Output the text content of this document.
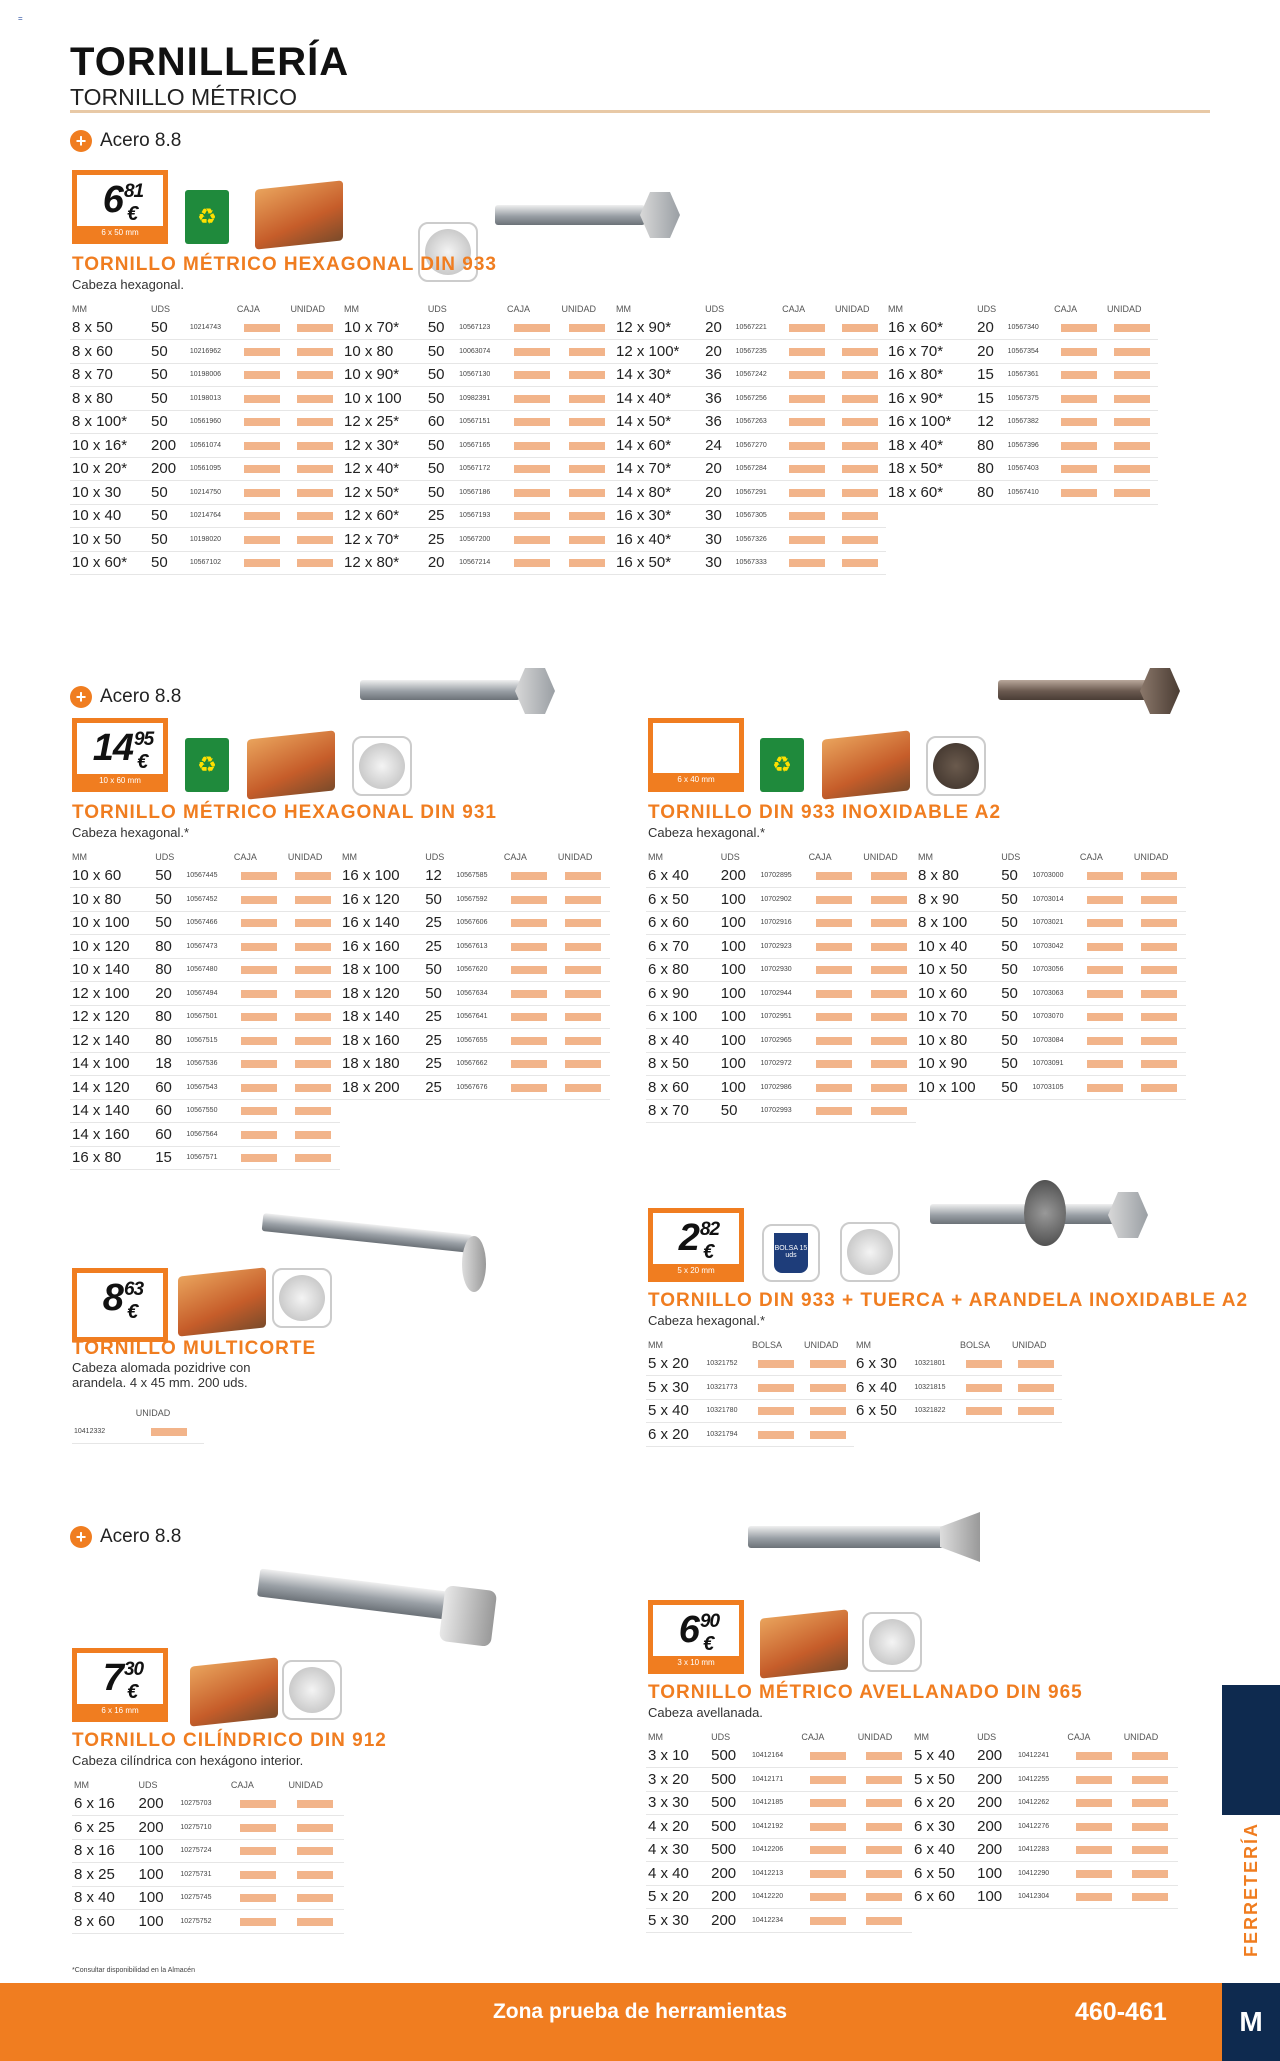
=
TORNILLERÍA
TORNILLO MÉTRICO
+ Acero 8.8
$6^{81}$
€
6 x 50 mm
♻
TORNILLO MÉTRICO HEXAGONAL DIN 933
Cabeza hexagonal.
MM	UDS		CAJA	UNIDAD
8 x 50	50	10214743		
8 x 60	50	10216962		
8 x 70	50	10198006		
8 x 80	50	10198013		
8 x 100*	50	10561960		
10 x 16*	200	10561074		
10 x 20*	200	10561095		
10 x 30	50	10214750		
10 x 40	50	10214764		
10 x 50	50	10198020		
10 x 60*	50	10567102		
MM	UDS		CAJA	UNIDAD
10 x 70*	50	10567123		
10 x 80	50	10063074		
10 x 90*	50	10567130		
10 x 100	50	10982391		
12 x 25*	60	10567151		
12 x 30*	50	10567165		
12 x 40*	50	10567172		
12 x 50*	50	10567186		
12 x 60*	25	10567193		
12 x 70*	25	10567200		
12 x 80*	20	10567214		
MM	UDS		CAJA	UNIDAD
12 x 90*	20	10567221		
12 x 100*	20	10567235		
14 x 30*	36	10567242		
14 x 40*	36	10567256		
14 x 50*	36	10567263		
14 x 60*	24	10567270		
14 x 70*	20	10567284		
14 x 80*	20	10567291		
16 x 30*	30	10567305		
16 x 40*	30	10567326		
16 x 50*	30	10567333		
MM	UDS		CAJA	UNIDAD
16 x 60*	20	10567340		
16 x 70*	20	10567354		
16 x 80*	15	10567361		
16 x 90*	15	10567375		
16 x 100*	12	10567382		
18 x 40*	80	10567396		
18 x 50*	80	10567403		
18 x 60*	80	10567410		
+ Acero 8.8
$14^{95}$
€
10 x 60 mm
♻
TORNILLO MÉTRICO HEXAGONAL DIN 931
Cabeza hexagonal.*
MM	UDS		CAJA	UNIDAD
10 x 60	50	10567445		
10 x 80	50	10567452		
10 x 100	50	10567466		
10 x 120	80	10567473		
10 x 140	80	10567480		
12 x 100	20	10567494		
12 x 120	80	10567501		
12 x 140	80	10567515		
14 x 100	18	10567536		
14 x 120	60	10567543		
14 x 140	60	10567550		
14 x 160	60	10567564		
16 x 80	15	10567571		
MM	UDS		CAJA	UNIDAD
16 x 100	12	10567585		
16 x 120	50	10567592		
16 x 140	25	10567606		
16 x 160	25	10567613		
18 x 100	50	10567620		
18 x 120	50	10567634		
18 x 140	25	10567641		
18 x 160	25	10567655		
18 x 180	25	10567662		
18 x 200	25	10567676		
6 x 40 mm
♻
TORNILLO DIN 933 INOXIDABLE A2
Cabeza hexagonal.*
MM	UDS		CAJA	UNIDAD
6 x 40	200	10702895		
6 x 50	100	10702902		
6 x 60	100	10702916		
6 x 70	100	10702923		
6 x 80	100	10702930		
6 x 90	100	10702944		
6 x 100	100	10702951		
8 x 40	100	10702965		
8 x 50	100	10702972		
8 x 60	100	10702986		
8 x 70	50	10702993		
MM	UDS		CAJA	UNIDAD
8 x 80	50	10703000		
8 x 90	50	10703014		
8 x 100	50	10703021		
10 x 40	50	10703042		
10 x 50	50	10703056		
10 x 60	50	10703063		
10 x 70	50	10703070		
10 x 80	50	10703084		
10 x 90	50	10703091		
10 x 100	50	10703105		
$8^{63}$
€
TORNILLO MULTICORTE
Cabeza alomada pozidrive con arandela. 4 x 45 mm. 200 uds.
	UNIDAD
10412332	
$2^{82}$
€
5 x 20 mm
BOLSA 15 uds
TORNILLO DIN 933 + TUERCA + ARANDELA INOXIDABLE A2
Cabeza hexagonal.*
MM		BOLSA	UNIDAD
5 x 20	10321752		
5 x 30	10321773		
5 x 40	10321780		
6 x 20	10321794		
MM		BOLSA	UNIDAD
6 x 30	10321801		
6 x 40	10321815		
6 x 50	10321822		
+ Acero 8.8
$7^{30}$
€
6 x 16 mm
TORNILLO CILÍNDRICO DIN 912
Cabeza cilíndrica con hexágono interior.
MM	UDS		CAJA	UNIDAD
6 x 16	200	10275703		
6 x 25	200	10275710		
8 x 16	100	10275724		
8 x 25	100	10275731		
8 x 40	100	10275745		
8 x 60	100	10275752		
$6^{90}$
€
3 x 10 mm
TORNILLO MÉTRICO AVELLANADO DIN 965
Cabeza avellanada.
MM	UDS		CAJA	UNIDAD
3 x 10	500	10412164		
3 x 20	500	10412171		
3 x 30	500	10412185		
4 x 20	500	10412192		
4 x 30	500	10412206		
4 x 40	200	10412213		
5 x 20	200	10412220		
5 x 30	200	10412234		
MM	UDS		CAJA	UNIDAD
5 x 40	200	10412241		
5 x 50	200	10412255		
6 x 20	200	10412262		
6 x 30	200	10412276		
6 x 40	200	10412283		
6 x 50	100	10412290		
6 x 60	100	10412304			FERRETERÍA
*Consultar disponibilidad en la Almacén
Zona prueba de herramientas	460-461	M
